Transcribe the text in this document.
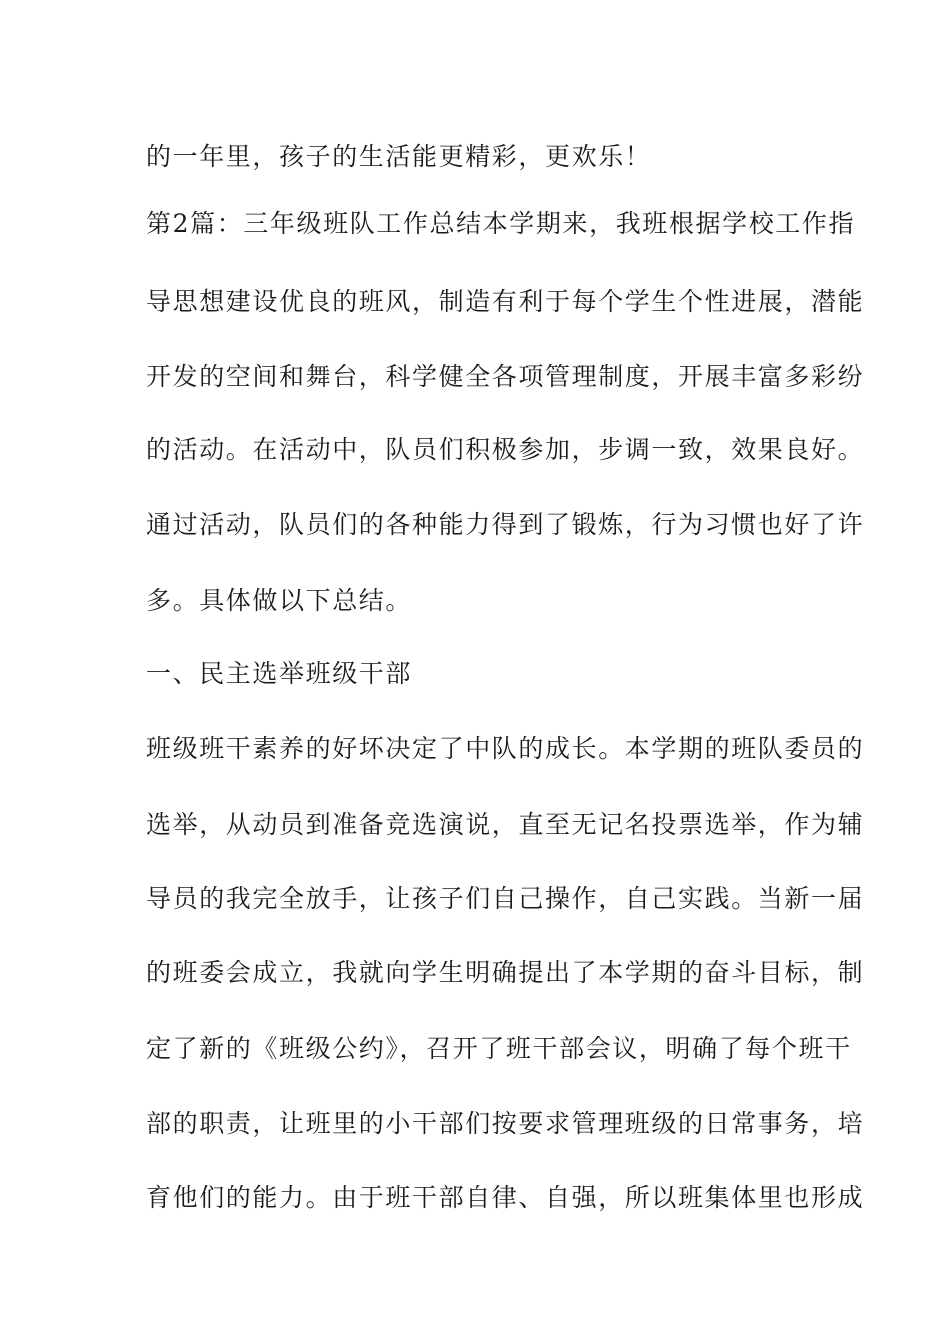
的一年里，孩子的生活能更精彩，更欢乐！
第2篇：三年级班队工作总结本学期来，我班根据学校工作指
导思想建设优良的班风，制造有利于每个学生个性进展，潜能
开发的空间和舞台，科学健全各项管理制度，开展丰富多彩纷
的活动。在活动中，队员们积极参加，步调一致，效果良好。
通过活动，队员们的各种能力得到了锻炼，行为习惯也好了许
多。具体做以下总结。
一、民主选举班级干部
班级班干素养的好坏决定了中队的成长。本学期的班队委员的
选举，从动员到准备竞选演说，直至无记名投票选举，作为辅
导员的我完全放手，让孩子们自己操作，自己实践。当新一届
的班委会成立，我就向学生明确提出了本学期的奋斗目标，制
定了新的《班级公约》，召开了班干部会议，明确了每个班干
部的职责，让班里的小干部们按要求管理班级的日常事务，培
育他们的能力。由于班干部自律、自强，所以班集体里也形成
